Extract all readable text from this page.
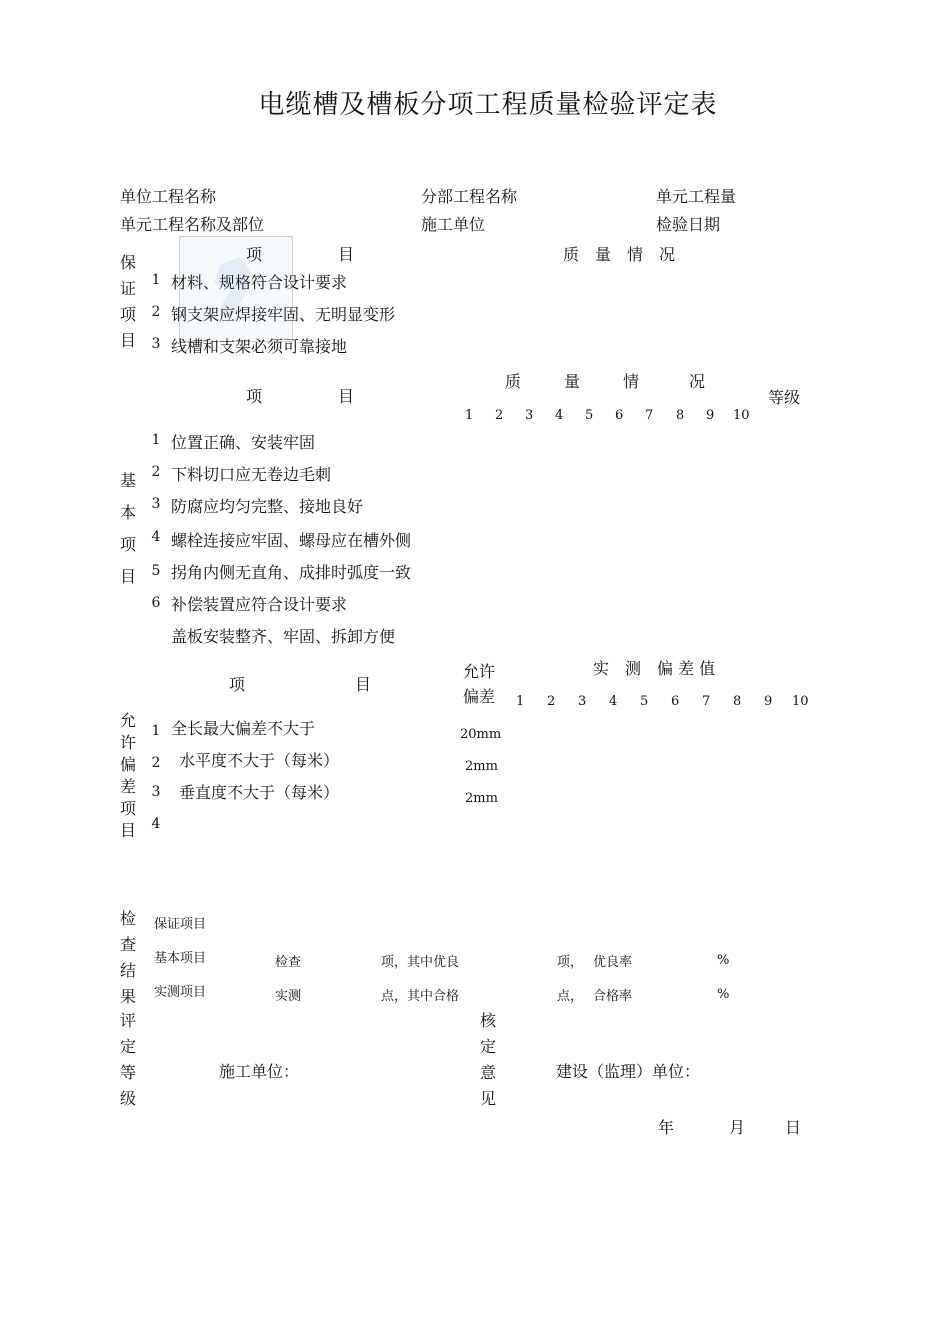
电缆槽及槽板分项工程质量检验评定表
单位工程名称	分部工程名称	单元工程量
单元工程名称及部位	施工单位	检验日期
保证项目
项	目	质　量　情　况
1 材料、规格符合设计要求
2 钢支架应焊接牢固、无明显变形
3 线槽和支架必须可靠接地
项	目
质	量	情	况
等级
1 2 3 4 5 6 7 8 9 10
基本项目
1 位置正确、安装牢固
2 下料切口应无卷边毛刺
3 防腐应均匀完整、接地良好
4 螺栓连接应牢固、螺母应在槽外侧
5 拐角内侧无直角、成排时弧度一致
6 补偿装置应符合设计要求
盖板安装整齐、牢固、拆卸方便
项	目
允许
偏差
实　测　偏 差 值
1 2 3 4 5 6 7 8 9 10
允许偏差项目
1 全长最大偏差不大于	20mm
2	水平度不大于（每米）	2mm
3	垂直度不大于（每米）	2mm
4
检查结果
保证项目
基本项目	检查	项，其中优良	项， 优良率	%
实测项目	实测	点，其中合格	点， 合格率	%
评定等级
施工单位：
核定意见
建设（监理）单位：
年	月 日
